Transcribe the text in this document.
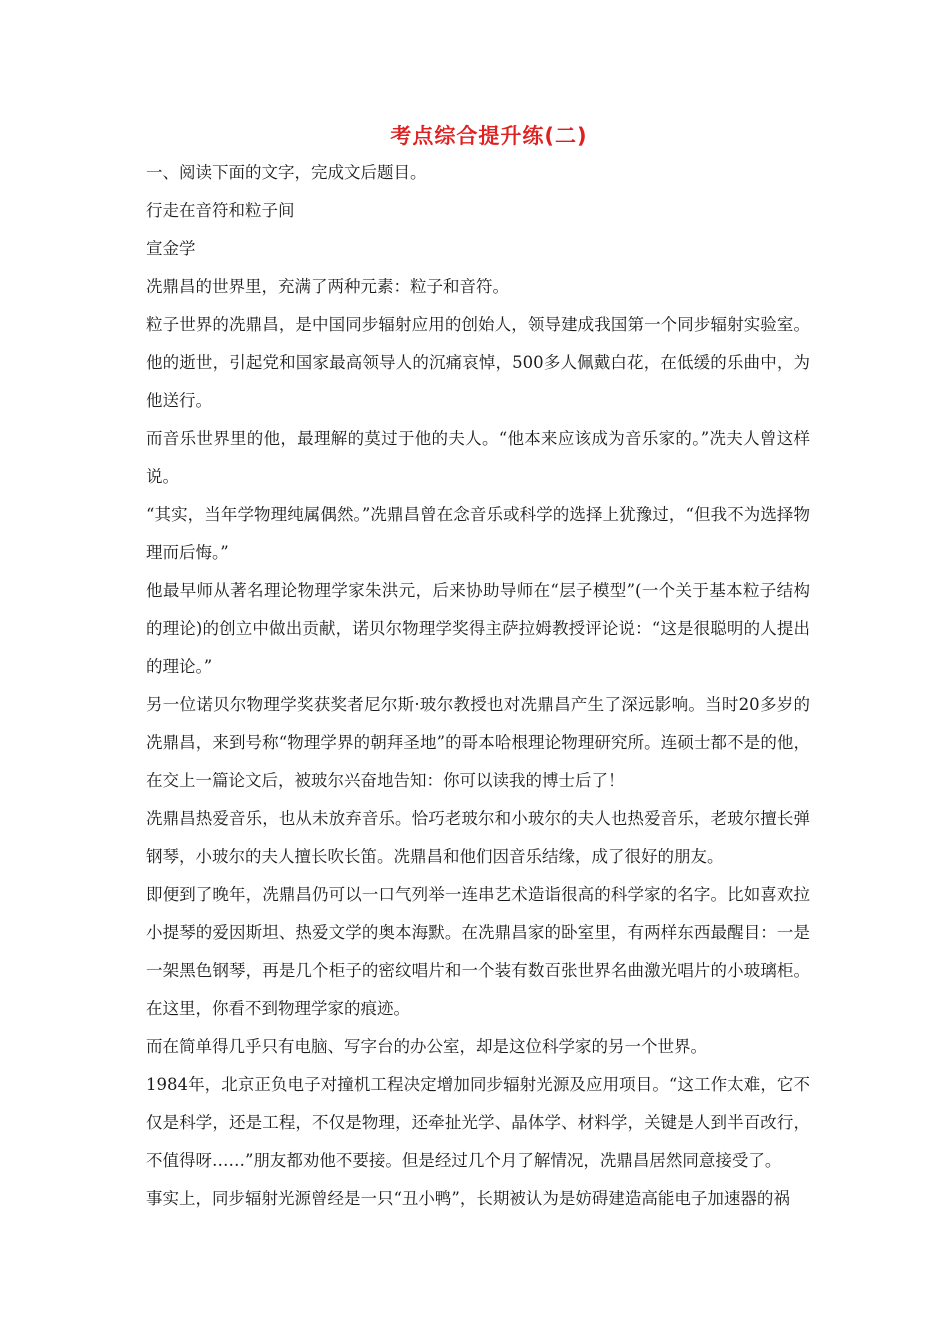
考点综合提升练(二)

一、阅读下面的文字，完成文后题目。

行走在音符和粒子间

宣金学

冼鼎昌的世界里，充满了两种元素：粒子和音符。

粒子世界的冼鼎昌，是中国同步辐射应用的创始人，领导建成我国第一个同步辐射实验室。他的逝世，引起党和国家最高领导人的沉痛哀悼，500多人佩戴白花，在低缓的乐曲中，为他送行。

而音乐世界里的他，最理解的莫过于他的夫人。“他本来应该成为音乐家的。”冼夫人曾这样说。

“其实，当年学物理纯属偶然。”冼鼎昌曾在念音乐或科学的选择上犹豫过，“但我不为选择物理而后悔。”

他最早师从著名理论物理学家朱洪元，后来协助导师在“层子模型”(一个关于基本粒子结构的理论)的创立中做出贡献，诺贝尔物理学奖得主萨拉姆教授评论说：“这是很聪明的人提出的理论。”

另一位诺贝尔物理学奖获奖者尼尔斯·玻尔教授也对冼鼎昌产生了深远影响。当时20多岁的冼鼎昌，来到号称“物理学界的朝拜圣地”的哥本哈根理论物理研究所。连硕士都不是的他，在交上一篇论文后，被玻尔兴奋地告知：你可以读我的博士后了！

冼鼎昌热爱音乐，也从未放弃音乐。恰巧老玻尔和小玻尔的夫人也热爱音乐，老玻尔擅长弹钢琴，小玻尔的夫人擅长吹长笛。冼鼎昌和他们因音乐结缘，成了很好的朋友。

即便到了晚年，冼鼎昌仍可以一口气列举一连串艺术造诣很高的科学家的名字。比如喜欢拉小提琴的爱因斯坦、热爱文学的奥本海默。在冼鼎昌家的卧室里，有两样东西最醒目：一是一架黑色钢琴，再是几个柜子的密纹唱片和一个装有数百张世界名曲激光唱片的小玻璃柜。在这里，你看不到物理学家的痕迹。

而在简单得几乎只有电脑、写字台的办公室，却是这位科学家的另一个世界。

1984年，北京正负电子对撞机工程决定增加同步辐射光源及应用项目。“这工作太难，它不仅是科学，还是工程，不仅是物理，还牵扯光学、晶体学、材料学，关键是人到半百改行，不值得呀……”朋友都劝他不要接。但是经过几个月了解情况，冼鼎昌居然同意接受了。

事实上，同步辐射光源曾经是一只“丑小鸭”，长期被认为是妨碍建造高能电子加速器的祸
